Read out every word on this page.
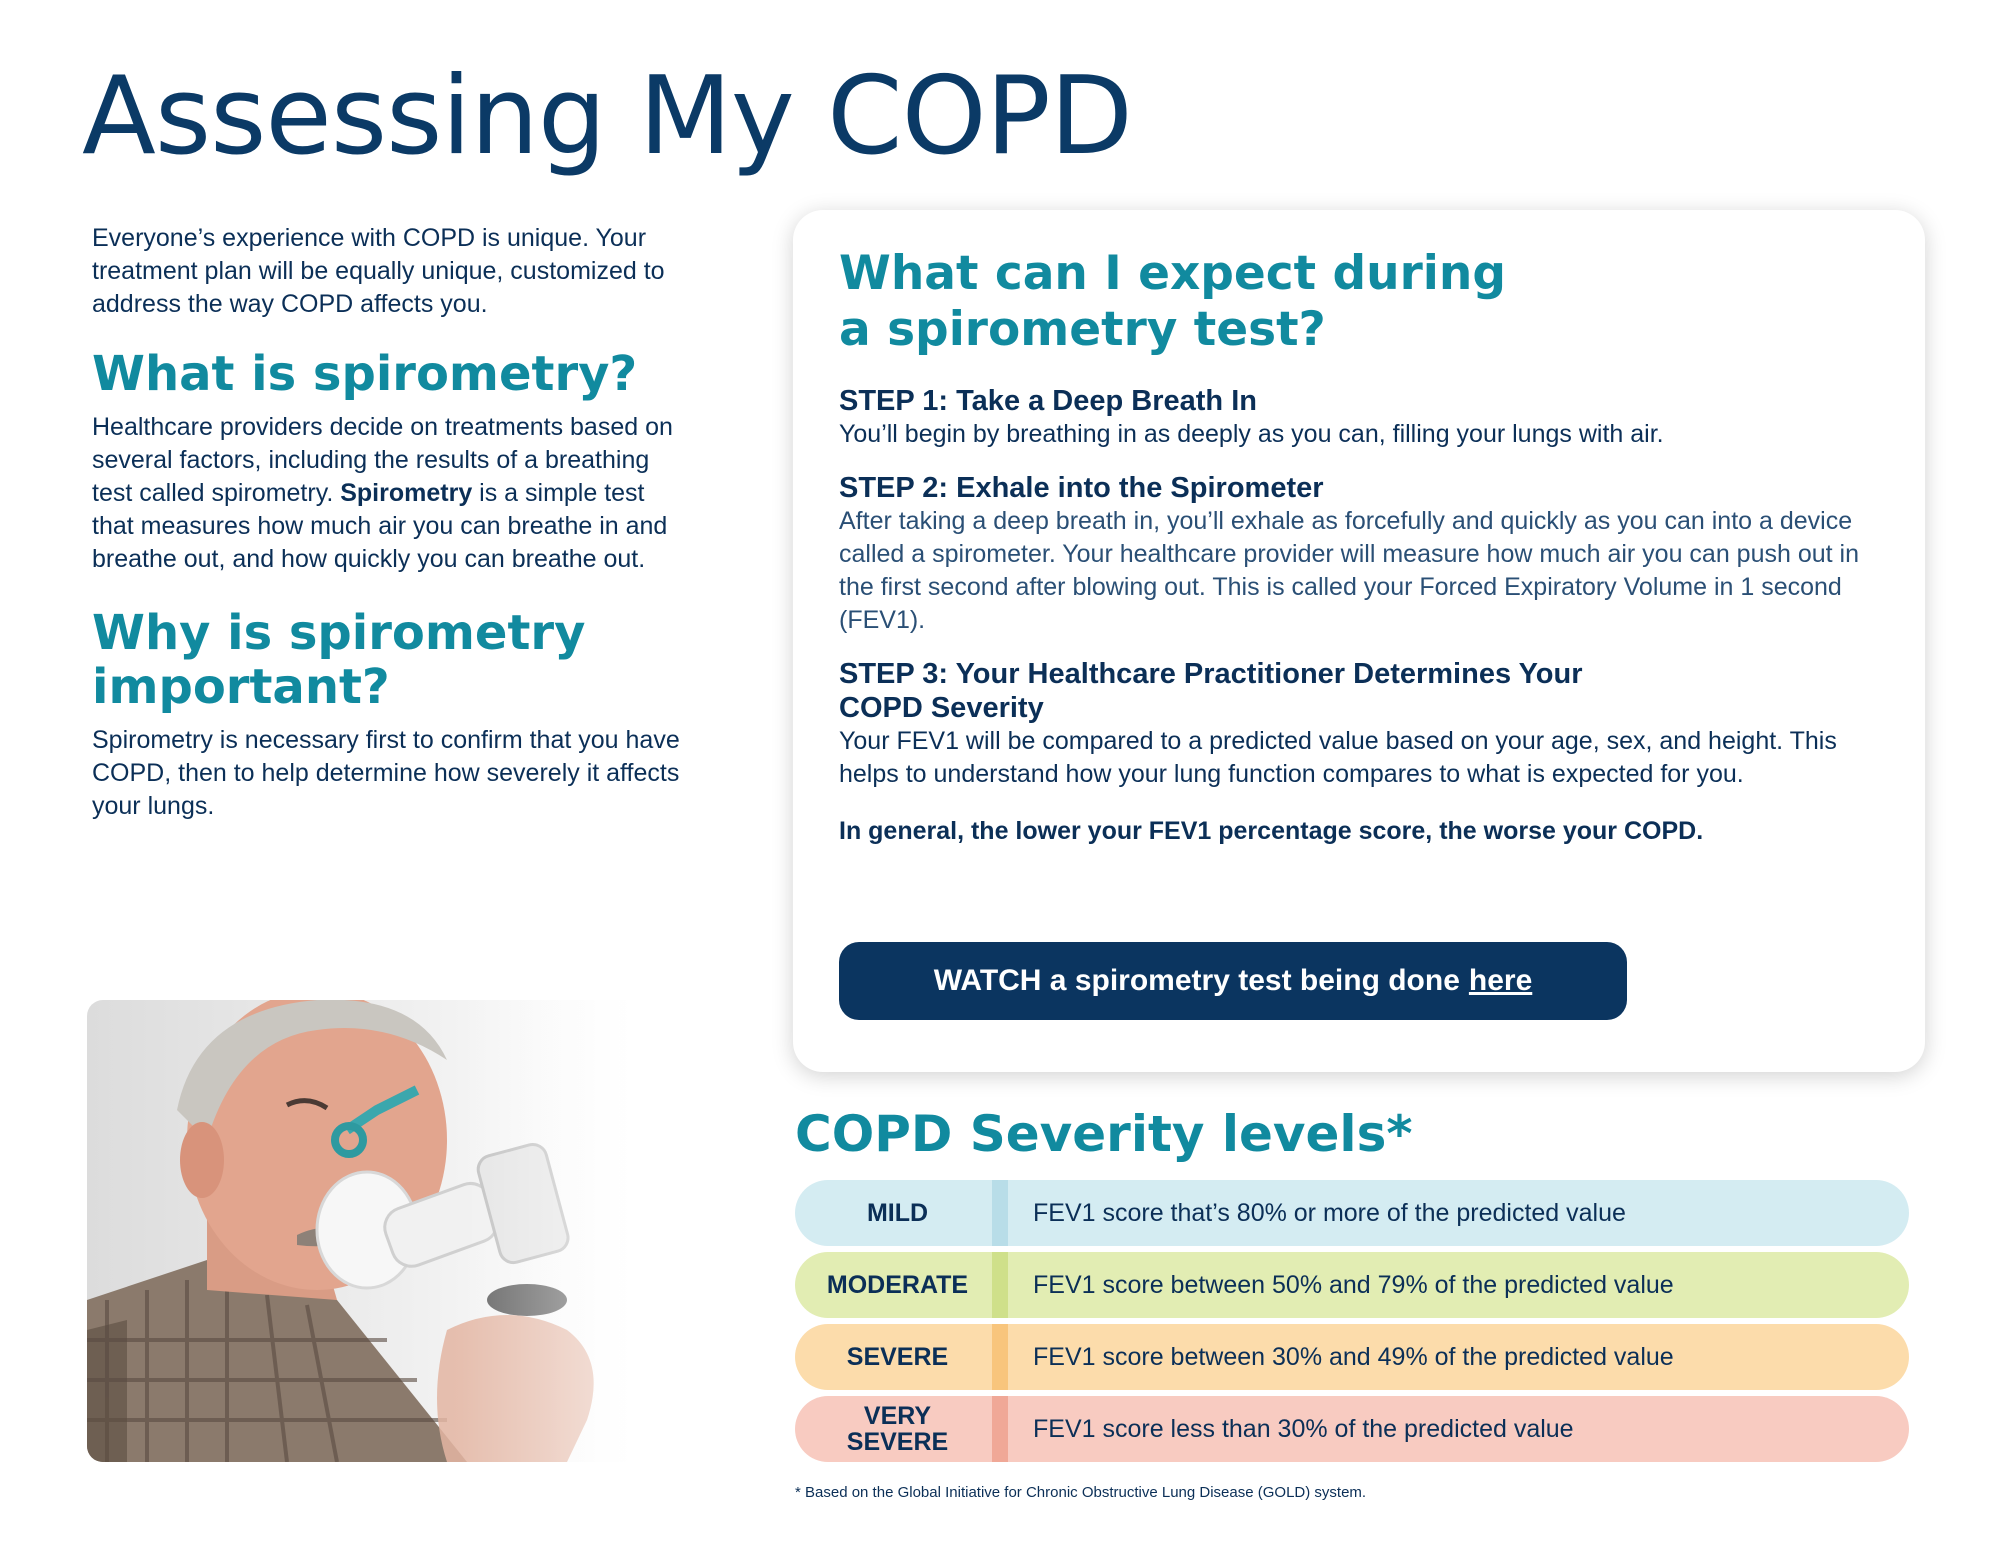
Assessing My COPD

Everyone’s experience with COPD is unique. Your treatment plan will be equally unique, customized to address the way COPD affects you.

What is spirometry?

Healthcare providers decide on treatments based on several factors, including the results of a breathing test called spirometry. Spirometry is a simple test that measures how much air you can breathe in and breathe out, and how quickly you can breathe out.

Why is spirometry important?

Spirometry is necessary first to confirm that you have COPD, then to help determine how severely it affects your lungs.

What can I expect during a spirometry test?
STEP 1: Take a Deep Breath In

You’ll begin by breathing in as deeply as you can, filling your lungs with air.

STEP 2: Exhale into the Spirometer

After taking a deep breath in, you’ll exhale as forcefully and quickly as you can into a device called a spirometer. Your healthcare provider will measure how much air you can push out in the first second after blowing out. This is called your Forced Expiratory Volume in 1 second (FEV1).

STEP 3: Your Healthcare Practitioner Determines Your COPD Severity

Your FEV1 will be compared to a predicted value based on your age, sex, and height. This helps to understand how your lung function compares to what is expected for you.

In general, the lower your FEV1 percentage score, the worse your COPD.

WATCH a spirometry test being done here
COPD Severity levels*
MILD	FEV1 score that’s 80% or more of the predicted value
MODERATE	FEV1 score between 50% and 79% of the predicted value
SEVERE	FEV1 score between 30% and 49% of the predicted value
VERY SEVERE	FEV1 score less than 30% of the predicted value

* Based on the Global Initiative for Chronic Obstructive Lung Disease (GOLD) system.
